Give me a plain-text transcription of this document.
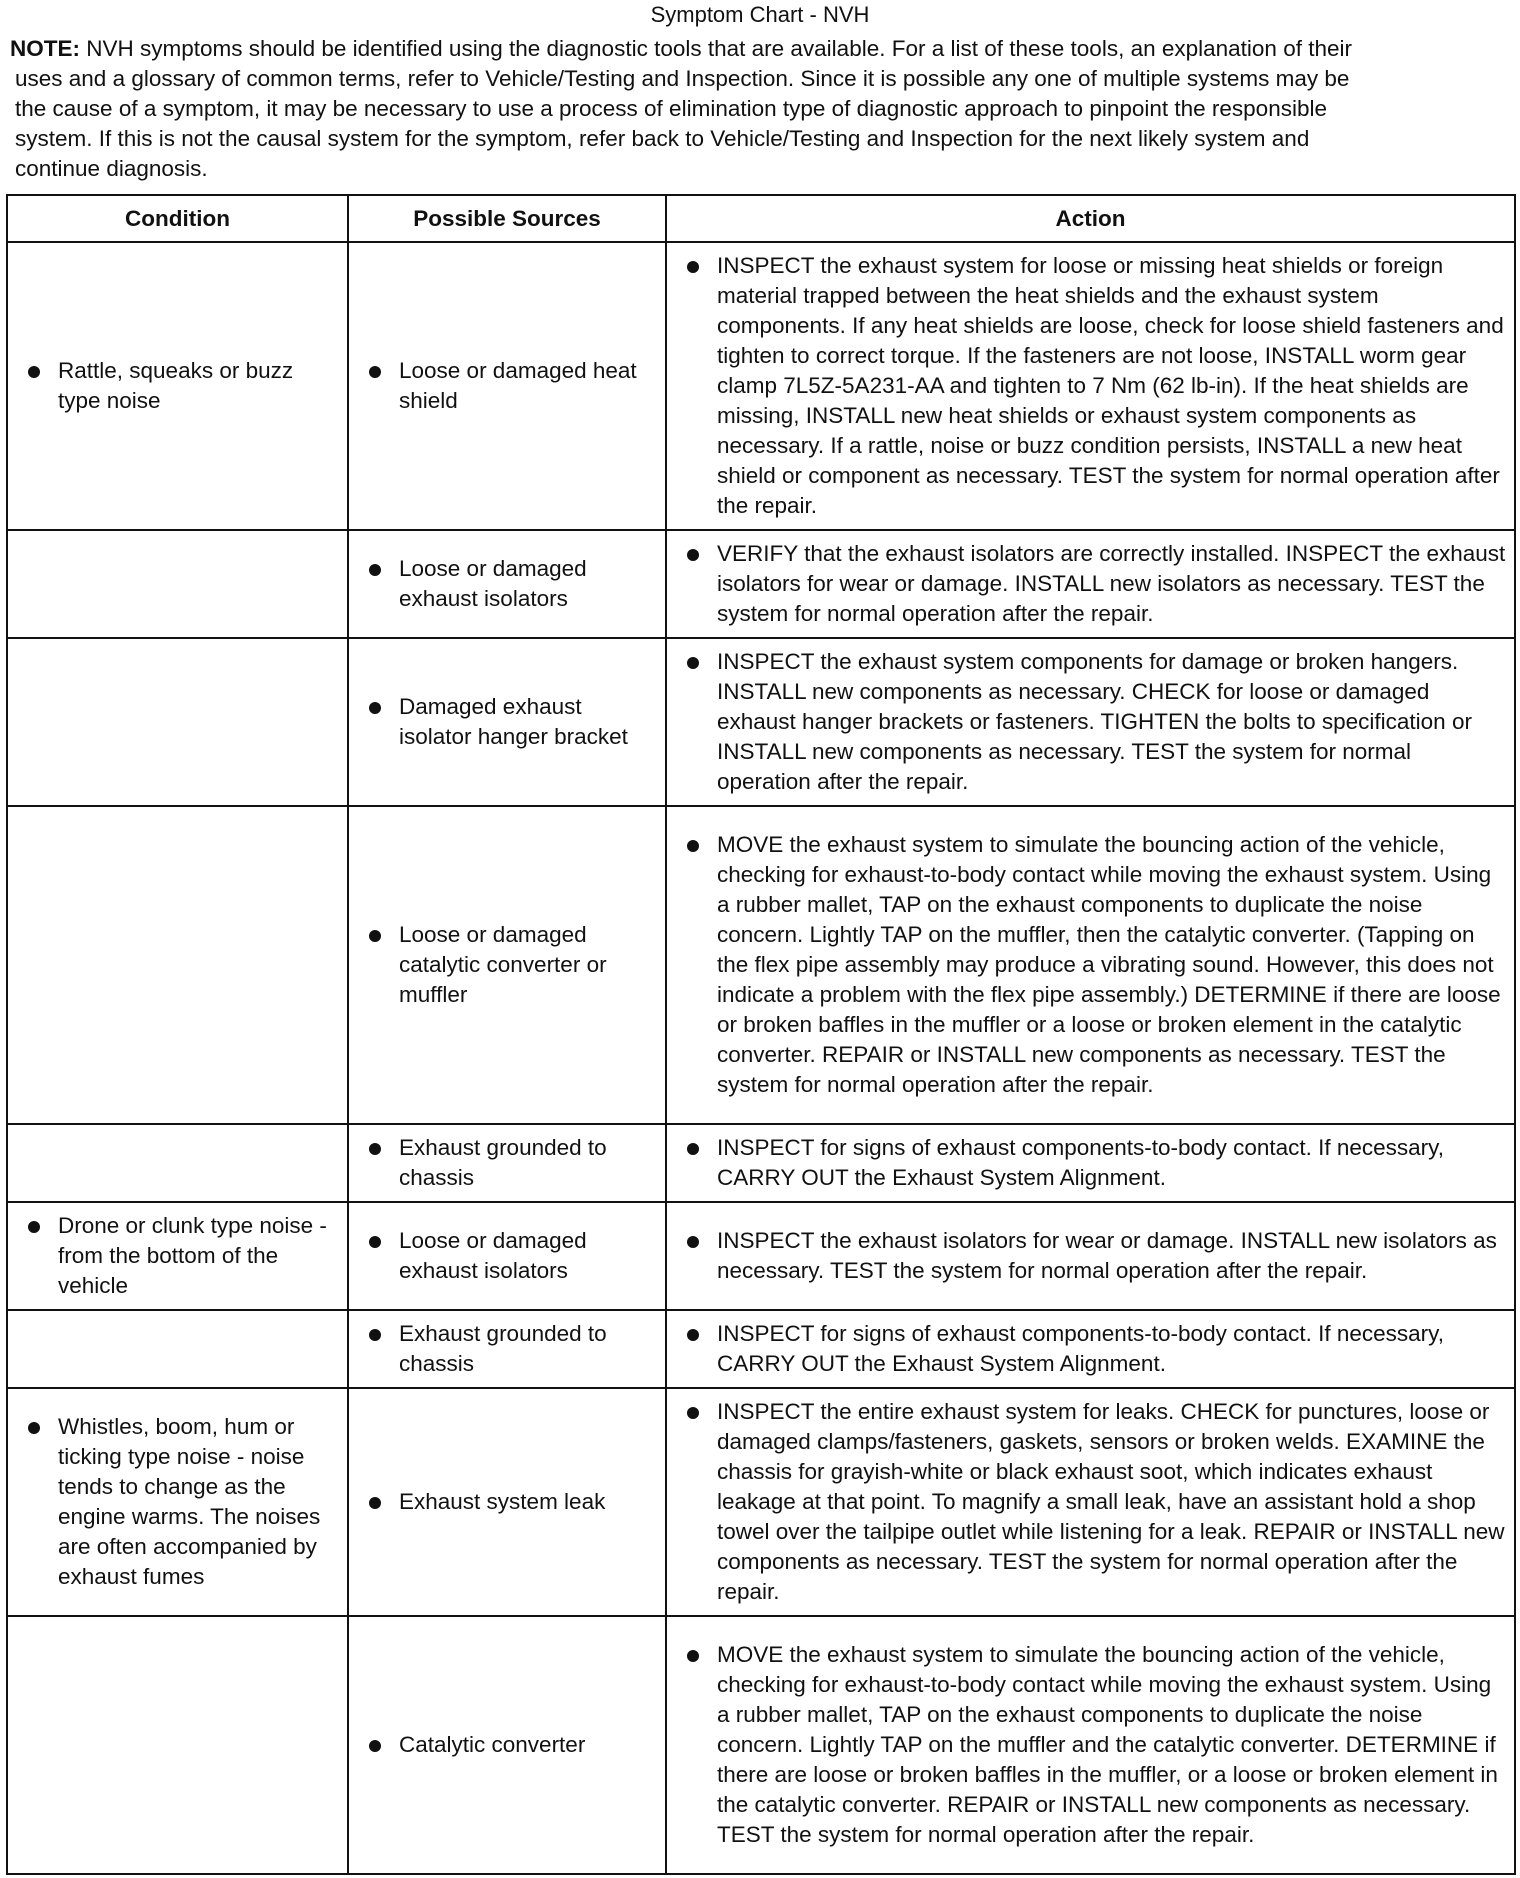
Symptom Chart - NVH
NOTE: NVH symptoms should be identified using the diagnostic tools that are available. For a list of these tools, an explanation of their
uses and a glossary of common terms, refer to Vehicle/Testing and Inspection. Since it is possible any one of multiple systems may be
the cause of a symptom, it may be necessary to use a process of elimination type of diagnostic approach to pinpoint the responsible
system. If this is not the causal system for the symptom, refer back to Vehicle/Testing and Inspection for the next likely system and
continue diagnosis.
Condition	Possible Sources	Action

Rattle, squeaks or buzz type noise	Loose or damaged heat shield	INSPECT the exhaust system for loose or missing heat shields or foreign material trapped between the heat shields and the exhaust system components. If any heat shields are loose, check for loose shield fasteners and tighten to correct torque. If the fasteners are not loose, INSTALL worm gear clamp 7L5Z-5A231-AA and tighten to 7 Nm (62 lb-in). If the heat shields are missing, INSTALL new heat shields or exhaust system components as necessary. If a rattle, noise or buzz condition persists, INSTALL a new heat shield or component as necessary. TEST the system for normal operation after the repair.

	Loose or damaged exhaust isolators	VERIFY that the exhaust isolators are correctly installed. INSPECT the exhaust isolators for wear or damage. INSTALL new isolators as necessary. TEST the system for normal operation after the repair.

	Damaged exhaust isolator hanger bracket	INSPECT the exhaust system components for damage or broken hangers. INSTALL new components as necessary. CHECK for loose or damaged exhaust hanger brackets or fasteners. TIGHTEN the bolts to specification or INSTALL new components as necessary. TEST the system for normal operation after the repair.

	Loose or damaged catalytic converter or muffler	MOVE the exhaust system to simulate the bouncing action of the vehicle, checking for exhaust-to-body contact while moving the exhaust system. Using a rubber mallet, TAP on the exhaust components to duplicate the noise concern. Lightly TAP on the muffler, then the catalytic converter. (Tapping on the flex pipe assembly may produce a vibrating sound. However, this does not indicate a problem with the flex pipe assembly.) DETERMINE if there are loose or broken baffles in the muffler or a loose or broken element in the catalytic converter. REPAIR or INSTALL new components as necessary. TEST the system for normal operation after the repair.

	Exhaust grounded to chassis	INSPECT for signs of exhaust components-to-body contact. If necessary, CARRY OUT the Exhaust System Alignment.

Drone or clunk type noise - from the bottom of the vehicle	Loose or damaged exhaust isolators	INSPECT the exhaust isolators for wear or damage. INSTALL new isolators as necessary. TEST the system for normal operation after the repair.

	Exhaust grounded to chassis	INSPECT for signs of exhaust components-to-body contact. If necessary, CARRY OUT the Exhaust System Alignment.

Whistles, boom, hum or ticking type noise - noise tends to change as the engine warms. The noises are often accompanied by exhaust fumes	Exhaust system leak	INSPECT the entire exhaust system for leaks. CHECK for punctures, loose or damaged clamps/fasteners, gaskets, sensors or broken welds. EXAMINE the chassis for grayish-white or black exhaust soot, which indicates exhaust leakage at that point. To magnify a small leak, have an assistant hold a shop towel over the tailpipe outlet while listening for a leak. REPAIR or INSTALL new components as necessary. TEST the system for normal operation after the repair.

	Catalytic converter	MOVE the exhaust system to simulate the bouncing action of the vehicle, checking for exhaust-to-body contact while moving the exhaust system. Using a rubber mallet, TAP on the exhaust components to duplicate the noise concern. Lightly TAP on the muffler and the catalytic converter. DETERMINE if there are loose or broken baffles in the muffler, or a loose or broken element in the catalytic converter. REPAIR or INSTALL new components as necessary. TEST the system for normal operation after the repair.
